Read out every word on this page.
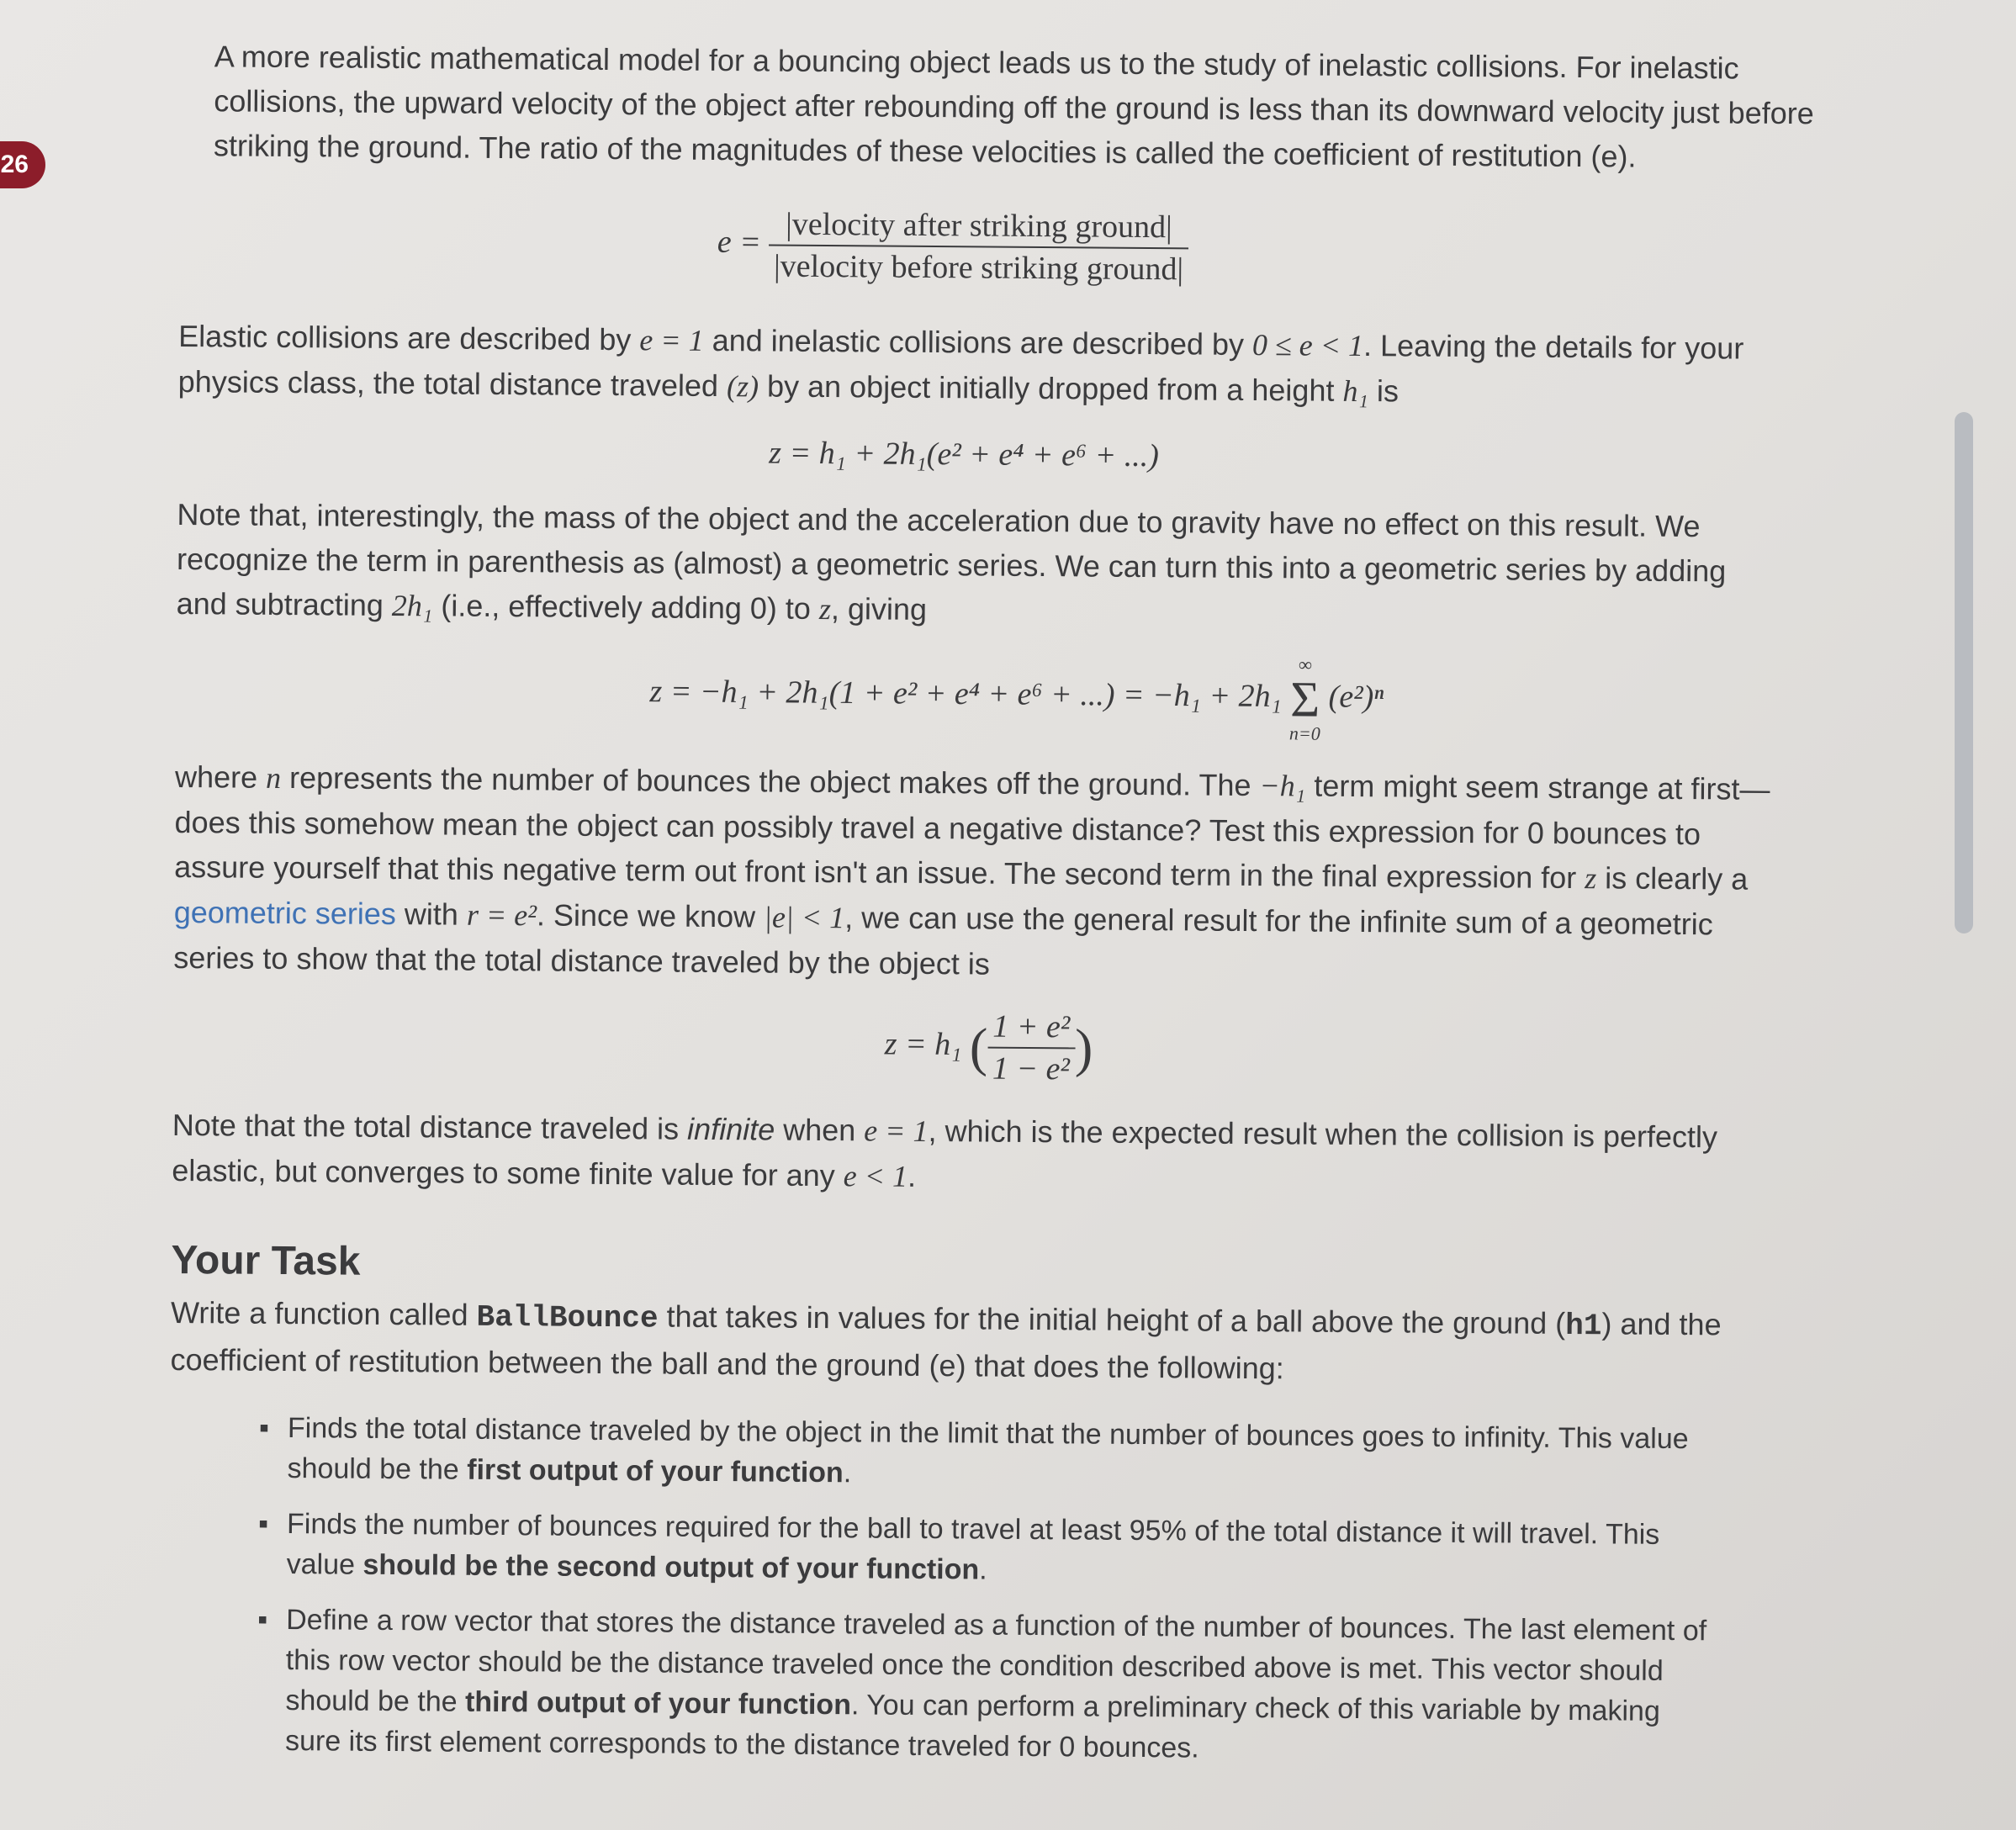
26

A more realistic mathematical model for a bouncing object leads us to the study of inelastic collisions. For inelastic collisions, the upward velocity of the object after rebounding off the ground is less than its downward velocity just before striking the ground. The ratio of the magnitudes of these velocities is called the coefficient of restitution (e).

$e = \frac{\text{|velocity after striking ground|}}{\text{|velocity before striking ground|}}$

Elastic collisions are described by e = 1 and inelastic collisions are described by 0 ≤ e < 1. Leaving the details for your physics class, the total distance traveled (z) by an object initially dropped from a height h₁ is

z = h₁ + 2h₁(e² + e⁴ + e⁶ + ...)

Note that, interestingly, the mass of the object and the acceleration due to gravity have no effect on this result. We recognize the term in parenthesis as (almost) a geometric series. We can turn this into a geometric series by adding and subtracting 2h₁ (i.e., effectively adding 0) to z, giving

z = −h₁ + 2h₁(1 + e² + e⁴ + e⁶ + ...) = −h₁ + 2h₁
∞
Σ
n=0
(e²)ⁿ

where n represents the number of bounces the object makes off the ground. The −h₁ term might seem strange at first—does this somehow mean the object can possibly travel a negative distance? Test this expression for 0 bounces to assure yourself that this negative term out front isn't an issue. The second term in the final expression for z is clearly a geometric series with r = e². Since we know |e| < 1, we can use the general result for the infinite sum of a geometric series to show that the total distance traveled by the object is

z = h₁ ( $\frac{\text{1 + e²}}{\text{1 − e²}}$ )

Note that the total distance traveled is infinite when e = 1, which is the expected result when the collision is perfectly elastic, but converges to some finite value for any e < 1.

Your Task

Write a function called BallBounce that takes in values for the initial height of a ball above the ground (h1) and the coefficient of restitution between the ball and the ground (e) that does the following:

▪ Finds the total distance traveled by the object in the limit that the number of bounces goes to infinity. This value should be the first output of your function.
▪ Finds the number of bounces required for the ball to travel at least 95% of the total distance it will travel. This value should be the second output of your function.
▪ Define a row vector that stores the distance traveled as a function of the number of bounces. The last element of this row vector should be the distance traveled once the condition described above is met. This vector should should be the third output of your function. You can perform a preliminary check of this variable by making sure its first element corresponds to the distance traveled for 0 bounces.
